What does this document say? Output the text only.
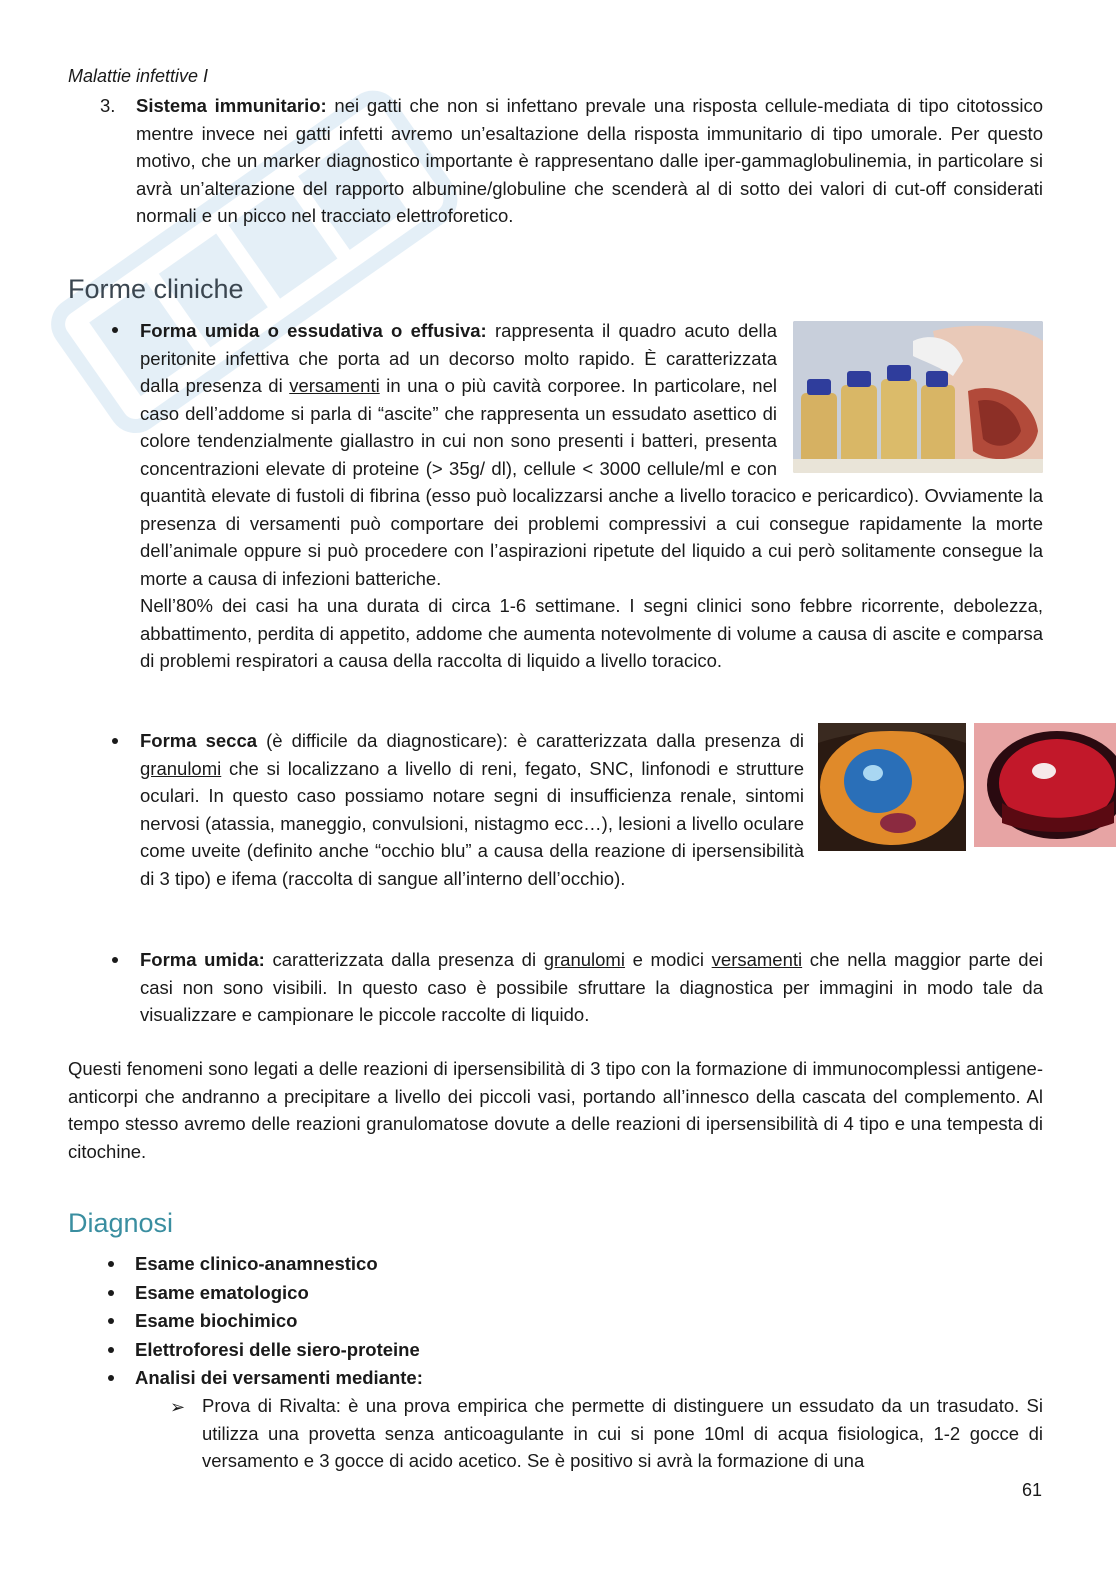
Malattie infettive I
3. Sistema immunitario: nei gatti che non si infettano prevale una risposta cellule-mediata di tipo citotossico mentre invece nei gatti infetti avremo un’esaltazione della risposta immunitario di tipo umorale. Per questo motivo, che un marker diagnostico importante è rappresentano dalle iper-gammaglobulinemia, in particolare si avrà un’alterazione del rapporto albumine/globuline che scenderà al di sotto dei valori di cut-off considerati normali e un picco nel tracciato elettroforetico.
Forme cliniche
Forma umida o essudativa o effusiva: rappresenta il quadro acuto della peritonite infettiva che porta ad un decorso molto rapido. È caratterizzata dalla presenza di versamenti in una o più cavità corporee. In particolare, nel caso dell’addome si parla di “ascite” che rappresenta un essudato asettico di colore tendenzialmente giallastro in cui non sono presenti i batteri, presenta concentrazioni elevate di proteine (> 35g/ dl), cellule < 3000 cellule/ml e con quantità elevate di fustoli di fibrina (esso può localizzarsi anche a livello toracico e pericardico). Ovviamente la presenza di versamenti può comportare dei problemi compressivi a cui consegue rapidamente la morte dell’animale oppure si può procedere con l’aspirazioni ripetute del liquido a cui però solitamente consegue la morte a causa di infezioni batteriche.
Nell’80% dei casi ha una durata di circa 1-6 settimane. I segni clinici sono febbre ricorrente, debolezza, abbattimento, perdita di appetito, addome che aumenta notevolmente di volume a causa di ascite e comparsa di problemi respiratori a causa della raccolta di liquido a livello toracico.
Forma secca (è difficile da diagnosticare): è caratterizzata dalla presenza di granulomi che si localizzano a livello di reni, fegato, SNC, linfonodi e strutture oculari. In questo caso possiamo notare segni di insufficienza renale, sintomi nervosi (atassia, maneggio, convulsioni, nistagmo ecc…), lesioni a livello oculare come uveite (definito anche “occhio blu” a causa della reazione di ipersensibilità di 3 tipo) e ifema (raccolta di sangue all’interno dell’occhio).
Forma umida: caratterizzata dalla presenza di granulomi e modici versamenti che nella maggior parte dei casi non sono visibili. In questo caso è possibile sfruttare la diagnostica per immagini in modo tale da visualizzare e campionare le piccole raccolte di liquido.
Questi fenomeni sono legati a delle reazioni di ipersensibilità di 3 tipo con la formazione di immunocomplessi antigene-anticorpi che andranno a precipitare a livello dei piccoli vasi, portando all’innesco della cascata del complemento. Al tempo stesso avremo delle reazioni granulomatose dovute a delle reazioni di ipersensibilità di 4 tipo e una tempesta di citochine.
Diagnosi
Esame clinico-anamnestico
Esame ematologico
Esame biochimico
Elettroforesi delle siero-proteine
Analisi dei versamenti mediante:
➢ Prova di Rivalta: è una prova empirica che permette di distinguere un essudato da un trasudato. Si utilizza una provetta senza anticoagulante in cui si pone 10ml di acqua fisiologica, 1-2 gocce di versamento e 3 gocce di acido acetico. Se è positivo si avrà la formazione di una
61
